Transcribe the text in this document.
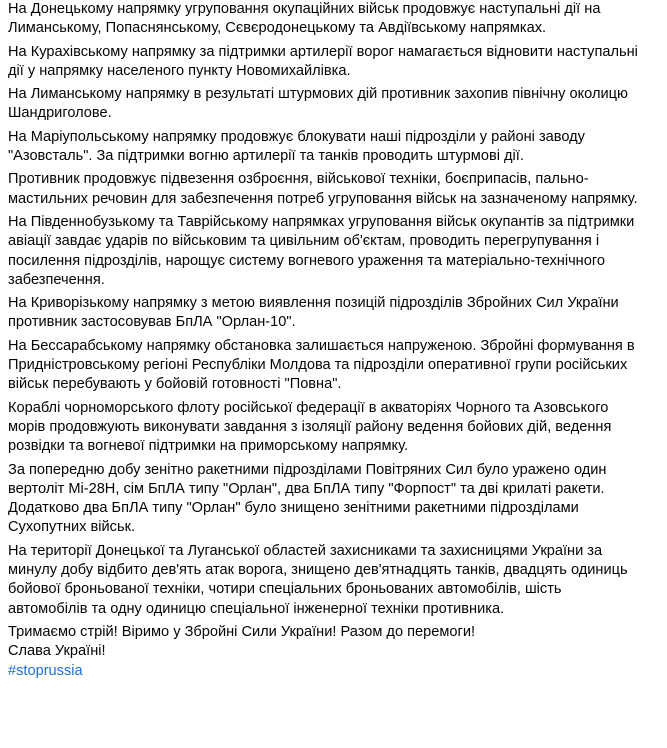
На Донецькому напрямку угруповання окупаційних військ продовжує наступальні дії на
Лиманському, Попаснянському, Сєвєродонецькому та Авдіївському напрямках.
На Курахівському напрямку за підтримки артилерії ворог намагається відновити наступальні
дії у напрямку населеного пункту Новомихайлівка.
На Лиманському напрямку в результаті штурмових дій противник захопив північну околицю
Шандриголове.
На Маріупольському напрямку продовжує блокувати наші підрозділи у районі заводу
"Азовсталь". За підтримки вогню артилерії та танків проводить штурмові дії.
Противник продовжує підвезення озброєння, військової техніки, боєприпасів, пально-
мастильних речовин для забезпечення потреб угруповання військ на зазначеному напрямку.
На Південнобузькому та Таврійському напрямках угруповання військ окупантів за підтримки
авіації завдає ударів по військовим та цивільним об'єктам, проводить перегрупування і
посилення підрозділів, нарощує систему вогневого ураження та матеріально-технічного
забезпечення.
На Криворізькому напрямку з метою виявлення позицій підрозділів Збройних Сил України
противник застосовував БпЛА "Орлан-10".
На Бессарабському напрямку обстановка залишається напруженою. Збройні формування в
Придністровському регіоні Республіки Молдова та підрозділи оперативної групи російських
військ перебувають у бойовій готовності "Повна".
Кораблі чорноморського флоту російської федерації в акваторіях Чорного та Азовського
морів продовжують виконувати завдання з ізоляції району ведення бойових дій, ведення
розвідки та вогневої підтримки на приморському напрямку.
За попередню добу зенітно ракетними підрозділами Повітряних Сил було уражено один
вертоліт Мі-28Н, сім БпЛА типу "Орлан", два БпЛА типу "Форпост" та дві крилаті ракети.
Додатково два БпЛА типу "Орлан" було знищено зенітними ракетними підрозділами
Сухопутних військ.
На території Донецької та Луганської областей захисниками та захисницями України за
минулу добу відбито дев'ять атак ворога, знищено дев'ятнадцять танків, двадцять одиниць
бойової броньованої техніки, чотири спеціальних броньованих автомобілів, шість
автомобілів та одну одиницю спеціальної інженерної техніки противника.
Тримаємо стрій! Віримо у Збройні Сили України! Разом до перемоги!
Слава Україні!
#stoprussia
